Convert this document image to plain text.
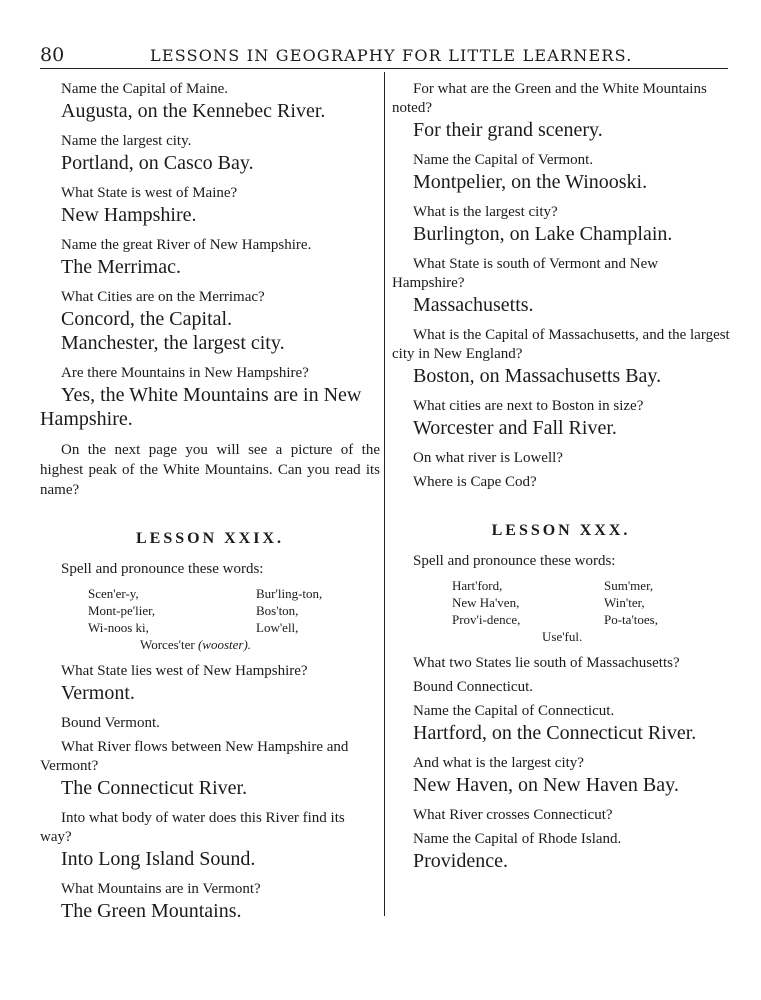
80	LESSONS IN GEOGRAPHY FOR LITTLE LEARNERS.

Name the Capital of Maine.

Augusta, on the Kennebec River.

Name the largest city.

Portland, on Casco Bay.

What State is west of Maine?

New Hampshire.

Name the great River of New Hampshire.

The Merrimac.

What Cities are on the Merrimac?

Concord, the Capital.

Manchester, the largest city.

Are there Mountains in New Hampshire?

Yes, the White Mountains are in New Hampshire.

On the next page you will see a picture of the highest peak of the White Mountains. Can you read its name?

LESSON XXIX.

Spell and pronounce these words:

Scen'er-y,	Bur'ling-ton,
Mont-pe'lier,	Bos'ton,
Wi-noos ki,	Low'ell,
Worces'ter (wooster).

What State lies west of New Hampshire?

Vermont.

Bound Vermont.

What River flows between New Hampshire and Vermont?

The Connecticut River.

Into what body of water does this River find its way?

Into Long Island Sound.

What Mountains are in Vermont?

The Green Mountains.

For what are the Green and the White Mountains noted?

For their grand scenery.

Name the Capital of Vermont.

Montpelier, on the Winooski.

What is the largest city?

Burlington, on Lake Champlain.

What State is south of Vermont and New Hampshire?

Massachusetts.

What is the Capital of Massachusetts, and the largest city in New England?

Boston, on Massachusetts Bay.

What cities are next to Boston in size?

Worcester and Fall River.

On what river is Lowell?

Where is Cape Cod?

LESSON XXX.

Spell and pronounce these words:

Hart'ford,	Sum'mer,
New Ha'ven,	Win'ter,
Prov'i-dence,	Po-ta'toes,
Use'ful.

What two States lie south of Massachusetts?

Bound Connecticut.

Name the Capital of Connecticut.

Hartford, on the Connecticut River.

And what is the largest city?

New Haven, on New Haven Bay.

What River crosses Connecticut?

Name the Capital of Rhode Island.

Providence.
